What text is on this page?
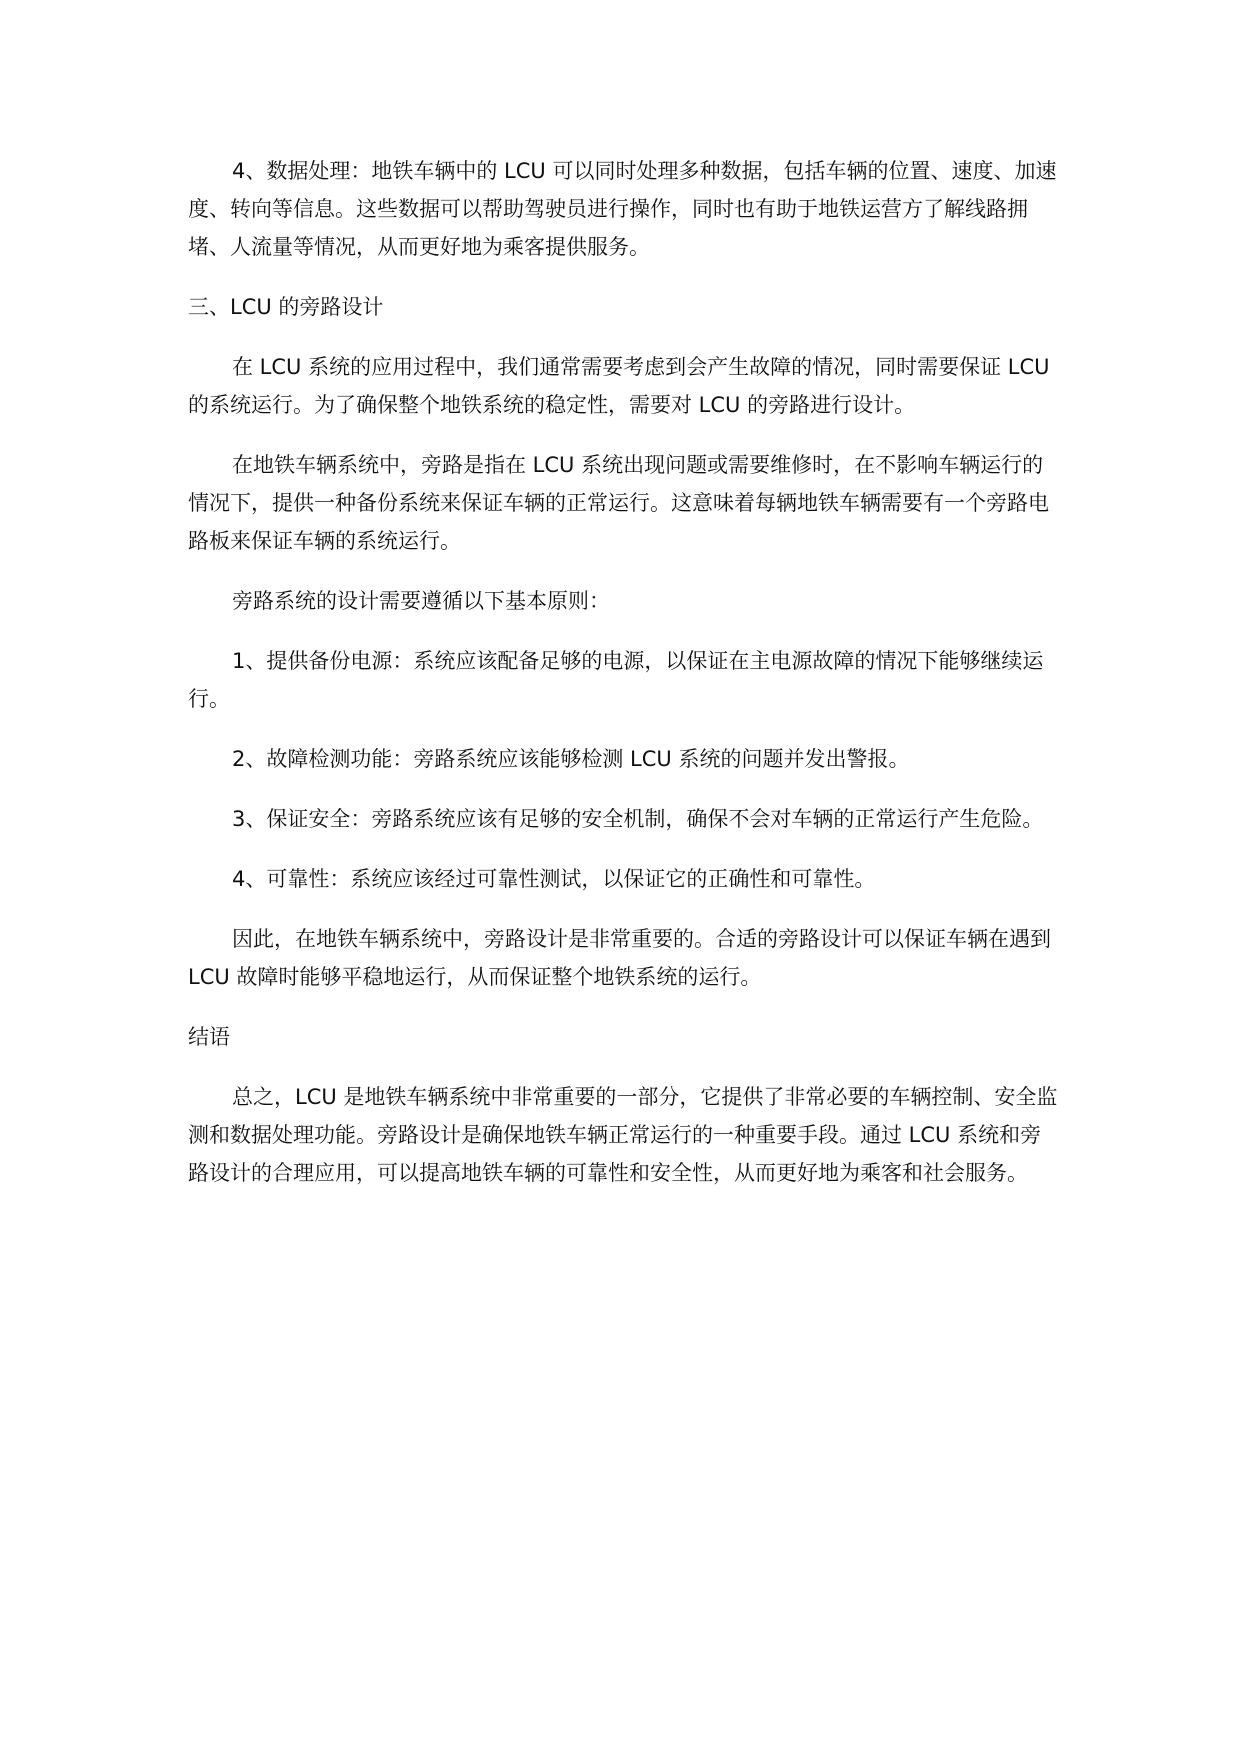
4、数据处理：地铁车辆中的 LCU 可以同时处理多种数据，包括车辆的位置、速度、加速度、转向等信息。这些数据可以帮助驾驶员进行操作，同时也有助于地铁运营方了解线路拥堵、人流量等情况，从而更好地为乘客提供服务。

三、LCU 的旁路设计

在 LCU 系统的应用过程中，我们通常需要考虑到会产生故障的情况，同时需要保证 LCU 的系统运行。为了确保整个地铁系统的稳定性，需要对 LCU 的旁路进行设计。

在地铁车辆系统中，旁路是指在 LCU 系统出现问题或需要维修时，在不影响车辆运行的情况下，提供一种备份系统来保证车辆的正常运行。这意味着每辆地铁车辆需要有一个旁路电路板来保证车辆的系统运行。

旁路系统的设计需要遵循以下基本原则：

1、提供备份电源：系统应该配备足够的电源，以保证在主电源故障的情况下能够继续运行。

2、故障检测功能：旁路系统应该能够检测 LCU 系统的问题并发出警报。

3、保证安全：旁路系统应该有足够的安全机制，确保不会对车辆的正常运行产生危险。

4、可靠性：系统应该经过可靠性测试，以保证它的正确性和可靠性。

因此，在地铁车辆系统中，旁路设计是非常重要的。合适的旁路设计可以保证车辆在遇到 LCU 故障时能够平稳地运行，从而保证整个地铁系统的运行。

结语

总之，LCU 是地铁车辆系统中非常重要的一部分，它提供了非常必要的车辆控制、安全监测和数据处理功能。旁路设计是确保地铁车辆正常运行的一种重要手段。通过 LCU 系统和旁路设计的合理应用，可以提高地铁车辆的可靠性和安全性，从而更好地为乘客和社会服务。
